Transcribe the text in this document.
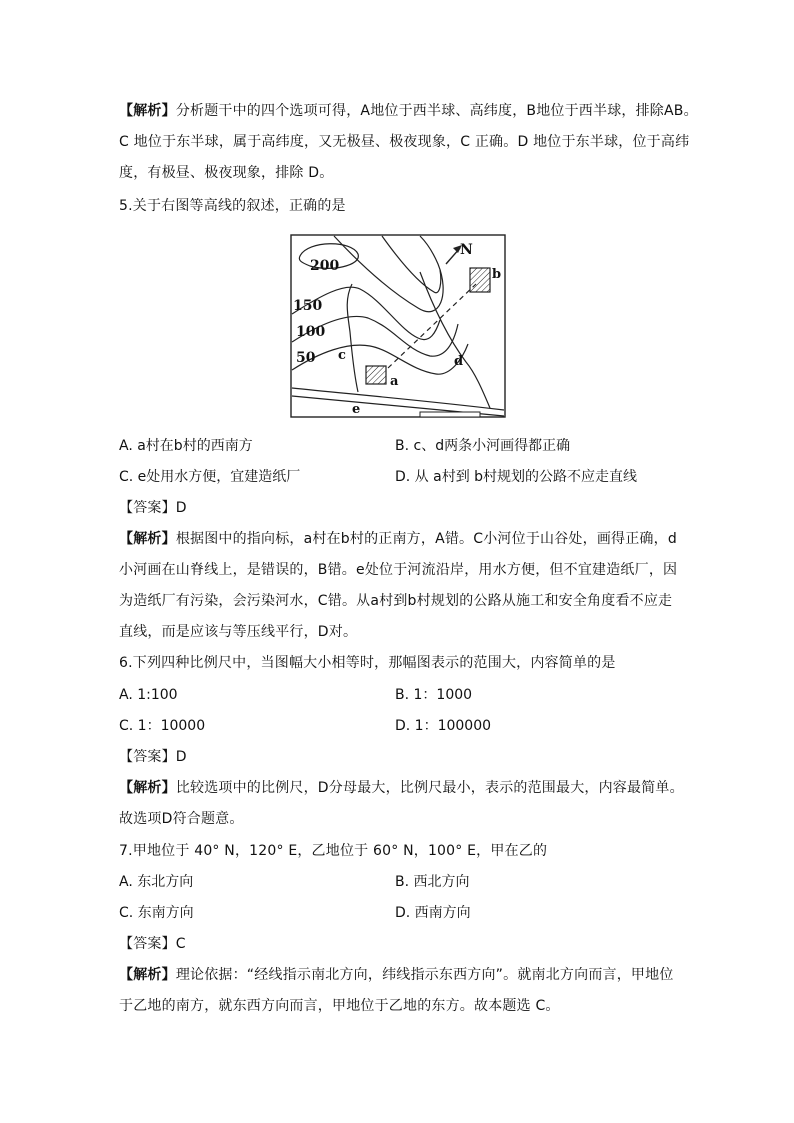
【解析】分析题干中的四个选项可得，A地位于西半球、高纬度，B地位于西半球，排除AB。
C 地位于东半球，属于高纬度，又无极昼、极夜现象，C 正确。D 地位于东半球，位于高纬
度，有极昼、极夜现象，排除 D。
5.关于右图等高线的叙述，正确的是
200
150
100
50 c	d
a
b
e
N
A. a村在b村的西南方	B. c、d两条小河画得都正确
C. e处用水方便，宜建造纸厂	D. 从 a村到 b村规划的公路不应走直线
【答案】D
【解析】根据图中的指向标，a村在b村的正南方，A错。C小河位于山谷处，画得正确，d
小河画在山脊线上，是错误的，B错。e处位于河流沿岸，用水方便，但不宜建造纸厂，因
为造纸厂有污染，会污染河水，C错。从a村到b村规划的公路从施工和安全角度看不应走
直线，而是应该与等压线平行，D对。
6.下列四种比例尺中，当图幅大小相等时，那幅图表示的范围大，内容简单的是
A. 1:100	B. 1：1000
C. 1：10000	D. 1：100000
【答案】D
【解析】比较选项中的比例尺，D分母最大，比例尺最小，表示的范围最大，内容最简单。
故选项D符合题意。
7.甲地位于 40° N，120° E，乙地位于 60° N，100° E，甲在乙的
A. 东北方向	B. 西北方向
C. 东南方向	D. 西南方向
【答案】C
【解析】理论依据：“经线指示南北方向，纬线指示东西方向”。就南北方向而言，甲地位
于乙地的南方，就东西方向而言，甲地位于乙地的东方。故本题选 C。
